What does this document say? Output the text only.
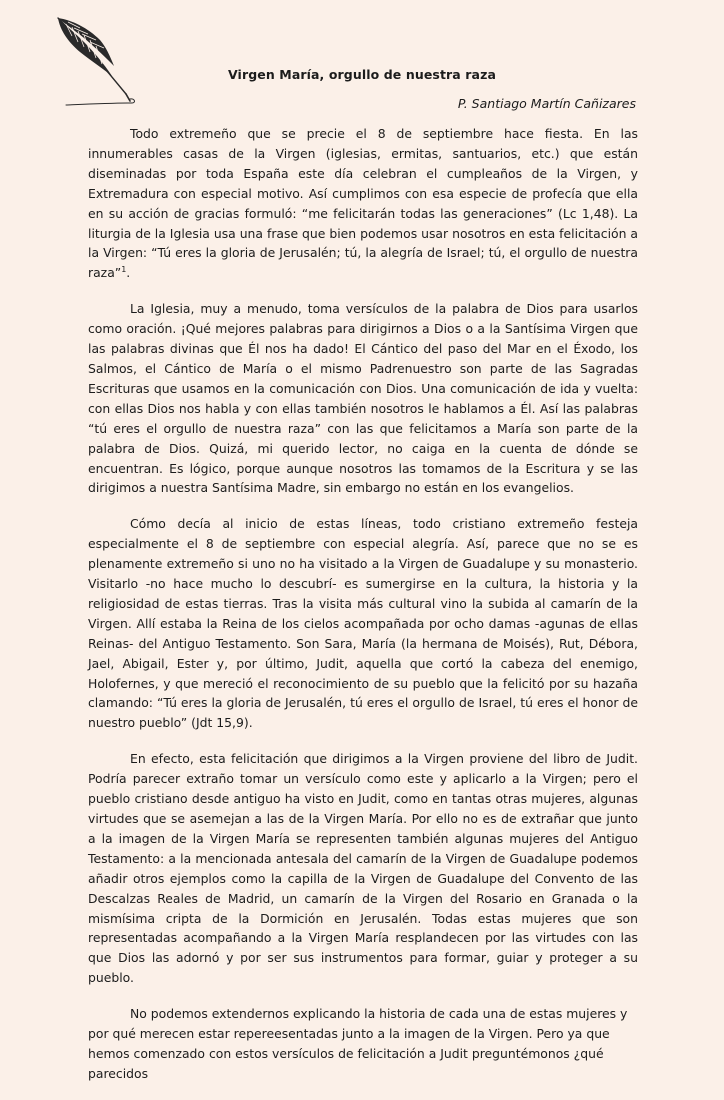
Virgen María, orgullo de nuestra raza
P. Santiago Martín Cañizares

Todo extremeño que se precie el 8 de septiembre hace fiesta. En las innumerables casas de la Virgen (iglesias, ermitas, santuarios, etc.) que están diseminadas por toda España este día celebran el cumpleaños de la Virgen, y Extremadura con especial motivo. Así cumplimos con esa especie de profecía que ella en su acción de gracias formuló: “me felicitarán todas las generaciones” (Lc 1,48). La liturgia de la Iglesia usa una frase que bien podemos usar nosotros en esta felicitación a la Virgen: “Tú eres la gloria de Jerusalén; tú, la alegría de Israel; tú, el orgullo de nuestra raza”$^1$.

La Iglesia, muy a menudo, toma versículos de la palabra de Dios para usarlos como oración. ¡Qué mejores palabras para dirigirnos a Dios o a la Santísima Virgen que las palabras divinas que Él nos ha dado! El Cántico del paso del Mar en el Éxodo, los Salmos, el Cántico de María o el mismo Padrenuestro son parte de las Sagradas Escrituras que usamos en la comunicación con Dios. Una comunicación de ida y vuelta: con ellas Dios nos habla y con ellas también nosotros le hablamos a Él. Así las palabras “tú eres el orgullo de nuestra raza” con las que felicitamos a María son parte de la palabra de Dios. Quizá, mi querido lector, no caiga en la cuenta de dónde se encuentran. Es lógico, porque aunque nosotros las tomamos de la Escritura y se las dirigimos a nuestra Santísima Madre, sin embargo no están en los evangelios.

Cómo decía al inicio de estas líneas, todo cristiano extremeño festeja especialmente el 8 de septiembre con especial alegría. Así, parece que no se es plenamente extremeño si uno no ha visitado a la Virgen de Guadalupe y su monasterio. Visitarlo -no hace mucho lo descubrí- es sumergirse en la cultura, la historia y la religiosidad de estas tierras. Tras la visita más cultural vino la subida al camarín de la Virgen. Allí estaba la Reina de los cielos acompañada por ocho damas -agunas de ellas Reinas- del Antiguo Testamento. Son Sara, María (la hermana de Moisés), Rut, Débora, Jael, Abigail, Ester y, por último, Judit, aquella que cortó la cabeza del enemigo, Holofernes, y que mereció el reconocimiento de su pueblo que la felicitó por su hazaña clamando: “Tú eres la gloria de Jerusalén, tú eres el orgullo de Israel, tú eres el honor de nuestro pueblo” (Jdt 15,9).

En efecto, esta felicitación que dirigimos a la Virgen proviene del libro de Judit. Podría parecer extraño tomar un versículo como este y aplicarlo a la Virgen; pero el pueblo cristiano desde antiguo ha visto en Judit, como en tantas otras mujeres, algunas virtudes que se asemejan a las de la Virgen María. Por ello no es de extrañar que junto a la imagen de la Virgen María se representen también algunas mujeres del Antiguo Testamento: a la mencionada antesala del camarín de la Virgen de Guadalupe podemos añadir otros ejemplos como la capilla de la Virgen de Guadalupe del Convento de las Descalzas Reales de Madrid, un camarín de la Virgen del Rosario en Granada o la mismísima cripta de la Dormición en Jerusalén. Todas estas mujeres que son representadas acompañando a la Virgen María resplandecen por las virtudes con las que Dios las adornó y por ser sus instrumentos para formar, guiar y proteger a su pueblo.

No podemos extendernos explicando la historia de cada una de estas mujeres y por qué merecen estar repereesentadas junto a la imagen de la Virgen. Pero ya que hemos comenzado con estos versículos de felicitación a Judit preguntémonos ¿qué parecidos
